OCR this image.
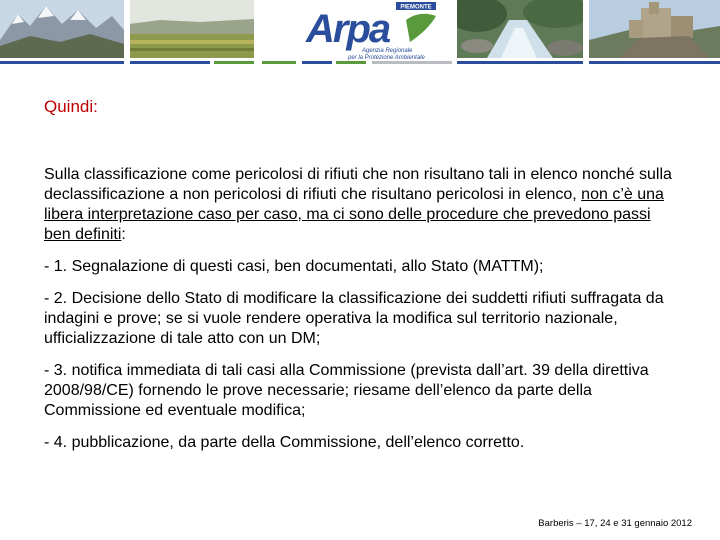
PIEMONTE
Arpa
Agenzia Regionale
per la Protezione Ambientale
Quindi:

Sulla classificazione come pericolosi di rifiuti che non risultano tali in elenco nonché sulla declassificazione a non pericolosi di rifiuti che risultano pericolosi in elenco, non c’è una libera interpretazione caso per caso, ma ci sono delle procedure che prevedono passi ben definiti:

- 1. Segnalazione di questi casi, ben documentati, allo Stato (MATTM);

- 2. Decisione dello Stato di modificare la classificazione dei suddetti rifiuti suffragata da indagini e prove; se si vuole rendere operativa la modifica sul territorio nazionale, ufficializzazione di tale atto con un DM;

- 3. notifica immediata di tali casi alla Commissione (prevista dall’art. 39 della direttiva 2008/98/CE) fornendo le prove necessarie; riesame dell’elenco da parte della Commissione ed eventuale modifica;

- 4. pubblicazione, da parte della Commissione, dell’elenco corretto.

Barberis – 17, 24 e 31 gennaio 2012
